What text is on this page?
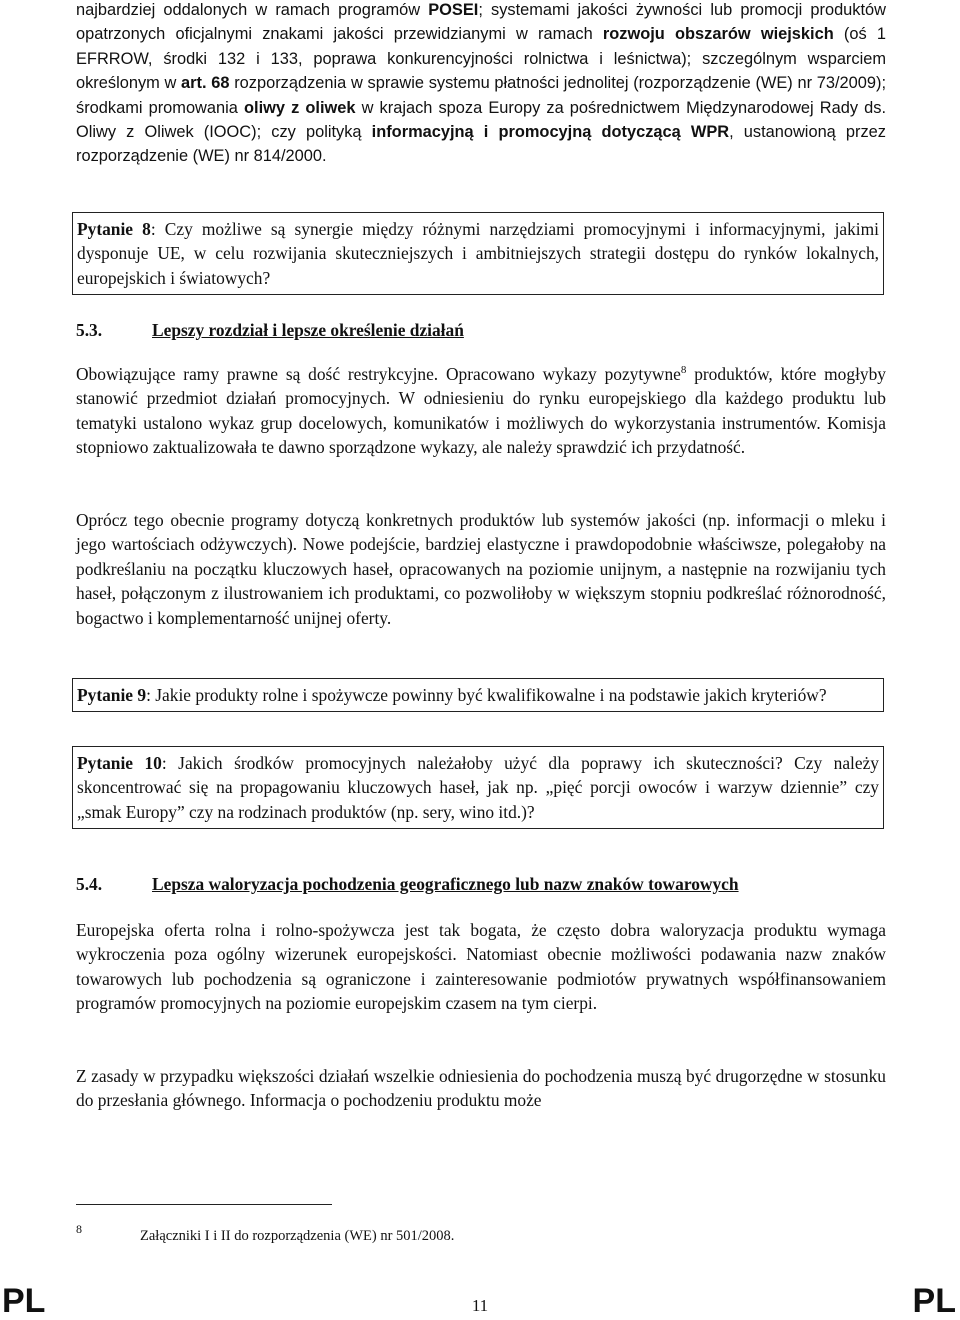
najbardziej oddalonych w ramach programów POSEI; systemami jakości żywności lub promocji produktów opatrzonych oficjalnymi znakami jakości przewidzianymi w ramach rozwoju obszarów wiejskich (oś 1 EFRROW, środki 132 i 133, poprawa konkurencyjności rolnictwa i leśnictwa); szczególnym wsparciem określonym w art. 68 rozporządzenia w sprawie systemu płatności jednolitej (rozporządzenie (WE) nr 73/2009); środkami promowania oliwy z oliwek w krajach spoza Europy za pośrednictwem Międzynarodowej Rady ds. Oliwy z Oliwek (IOOC); czy polityką informacyjną i promocyjną dotyczącą WPR, ustanowioną przez rozporządzenie (WE) nr 814/2000.

Pytanie 8: Czy możliwe są synergie między różnymi narzędziami promocyjnymi i informacyjnymi, jakimi dysponuje UE, w celu rozwijania skuteczniejszych i ambitniejszych strategii dostępu do rynków lokalnych, europejskich i światowych?

5.3.	Lepszy rozdział i lepsze określenie działań

Obowiązujące ramy prawne są dość restrykcyjne. Opracowano wykazy pozytywne$^8$ produktów, które mogłyby stanowić przedmiot działań promocyjnych. W odniesieniu do rynku europejskiego dla każdego produktu lub tematyki ustalono wykaz grup docelowych, komunikatów i możliwych do wykorzystania instrumentów. Komisja stopniowo zaktualizowała te dawno sporządzone wykazy, ale należy sprawdzić ich przydatność.

Oprócz tego obecnie programy dotyczą konkretnych produktów lub systemów jakości (np. informacji o mleku i jego wartościach odżywczych). Nowe podejście, bardziej elastyczne i prawdopodobnie właściwsze, polegałoby na podkreślaniu na początku kluczowych haseł, opracowanych na poziomie unijnym, a następnie na rozwijaniu tych haseł, połączonym z ilustrowaniem ich produktami, co pozwoliłoby w większym stopniu podkreślać różnorodność, bogactwo i komplementarność unijnej oferty.

Pytanie 9: Jakie produkty rolne i spożywcze powinny być kwalifikowalne i na podstawie jakich kryteriów?

Pytanie 10: Jakich środków promocyjnych należałoby użyć dla poprawy ich skuteczności? Czy należy skoncentrować się na propagowaniu kluczowych haseł, jak np. „pięć porcji owoców i warzyw dziennie” czy „smak Europy” czy na rodzinach produktów (np. sery, wino itd.)?

5.4.	Lepsza waloryzacja pochodzenia geograficznego lub nazw znaków towarowych

Europejska oferta rolna i rolno-spożywcza jest tak bogata, że często dobra waloryzacja produktu wymaga wykroczenia poza ogólny wizerunek europejskości. Natomiast obecnie możliwości podawania nazw znaków towarowych lub pochodzenia są ograniczone i zainteresowanie podmiotów prywatnych współfinansowaniem programów promocyjnych na poziomie europejskim czasem na tym cierpi.

Z zasady w przypadku większości działań wszelkie odniesienia do pochodzenia muszą być drugorzędne w stosunku do przesłania głównego. Informacja o pochodzeniu produktu może

8	Załączniki I i II do rozporządzenia (WE) nr 501/2008.
PL	11	PL
